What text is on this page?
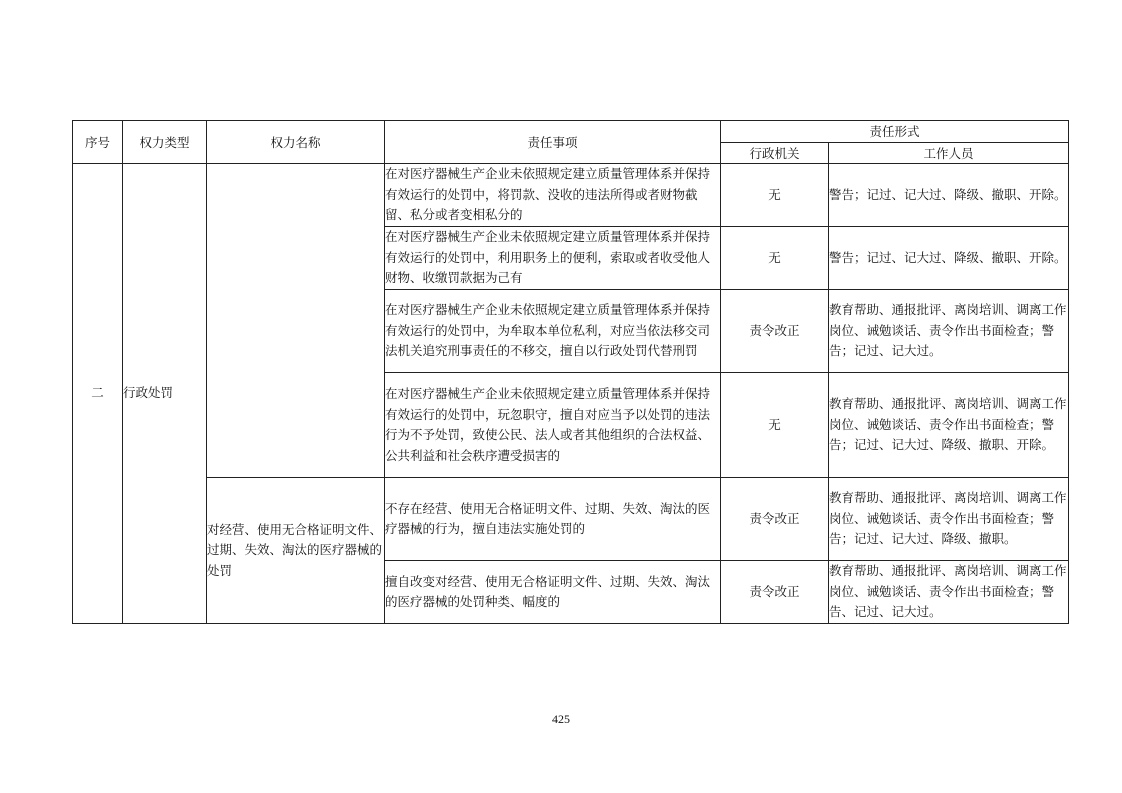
序号	权力类型	权力名称	责任事项	责任形式	
				行政机关	工作人员
二	行政处罚		在对医疗器械生产企业未依照规定建立质量管理体系并保持有效运行的处罚中，将罚款、没收的违法所得或者财物截留、私分或者变相私分的	无	警告；记过、记大过、降级、撤职、开除。
			在对医疗器械生产企业未依照规定建立质量管理体系并保持有效运行的处罚中，利用职务上的便利，索取或者收受他人财物、收缴罚款据为己有	无	警告；记过、记大过、降级、撤职、开除。
			在对医疗器械生产企业未依照规定建立质量管理体系并保持有效运行的处罚中，为牟取本单位私利，对应当依法移交司法机关追究刑事责任的不移交，擅自以行政处罚代替刑罚	责令改正	教育帮助、通报批评、离岗培训、调离工作岗位、诫勉谈话、责令作出书面检查；警告；记过、记大过。
			在对医疗器械生产企业未依照规定建立质量管理体系并保持有效运行的处罚中，玩忽职守，擅自对应当予以处罚的违法行为不予处罚，致使公民、法人或者其他组织的合法权益、公共利益和社会秩序遭受损害的	无	教育帮助、通报批评、离岗培训、调离工作岗位、诫勉谈话、责令作出书面检查；警告；记过、记大过、降级、撤职、开除。
		对经营、使用无合格证明文件、过期、失效、淘汰的医疗器械的处罚	不存在经营、使用无合格证明文件、过期、失效、淘汰的医疗器械的行为，擅自违法实施处罚的	责令改正	教育帮助、通报批评、离岗培训、调离工作岗位、诫勉谈话、责令作出书面检查；警告；记过、记大过、降级、撤职。
			擅自改变对经营、使用无合格证明文件、过期、失效、淘汰的医疗器械的处罚种类、幅度的	责令改正	教育帮助、通报批评、离岗培训、调离工作岗位、诫勉谈话、责令作出书面检查；警告、记过、记大过。
425
